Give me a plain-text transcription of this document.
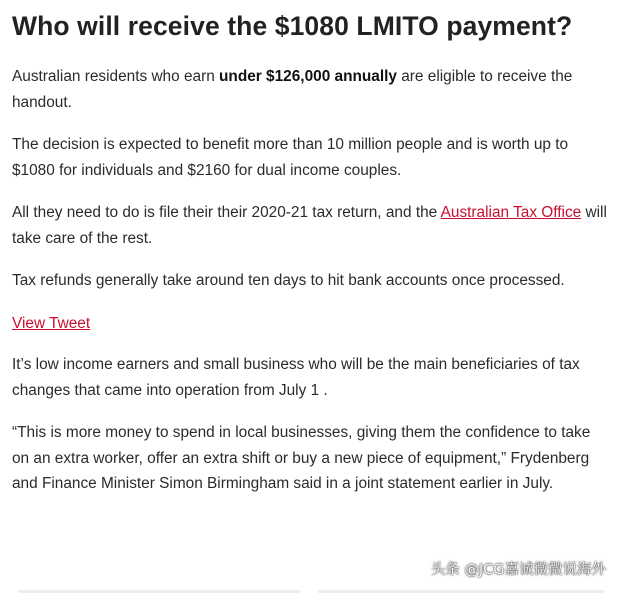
Who will receive the $1080 LMITO payment?

Australian residents who earn under $126,000 annually are eligible to receive the handout.

The decision is expected to benefit more than 10 million people and is worth up to $1080 for individuals and $2160 for dual income couples.

All they need to do is file their their 2020-21 tax return, and the Australian Tax Office will take care of the rest.

Tax refunds generally take around ten days to hit bank accounts once processed.

View Tweet

It’s low income earners and small business who will be the main beneficiaries of tax changes that came into operation from July 1 .

“This is more money to spend in local businesses, giving them the confidence to take on an extra worker, offer an extra shift or buy a new piece of equipment,” Frydenberg and Finance Minister Simon Birmingham said in a joint statement earlier in July.

头条 @JCG嘉诚微微说海外
